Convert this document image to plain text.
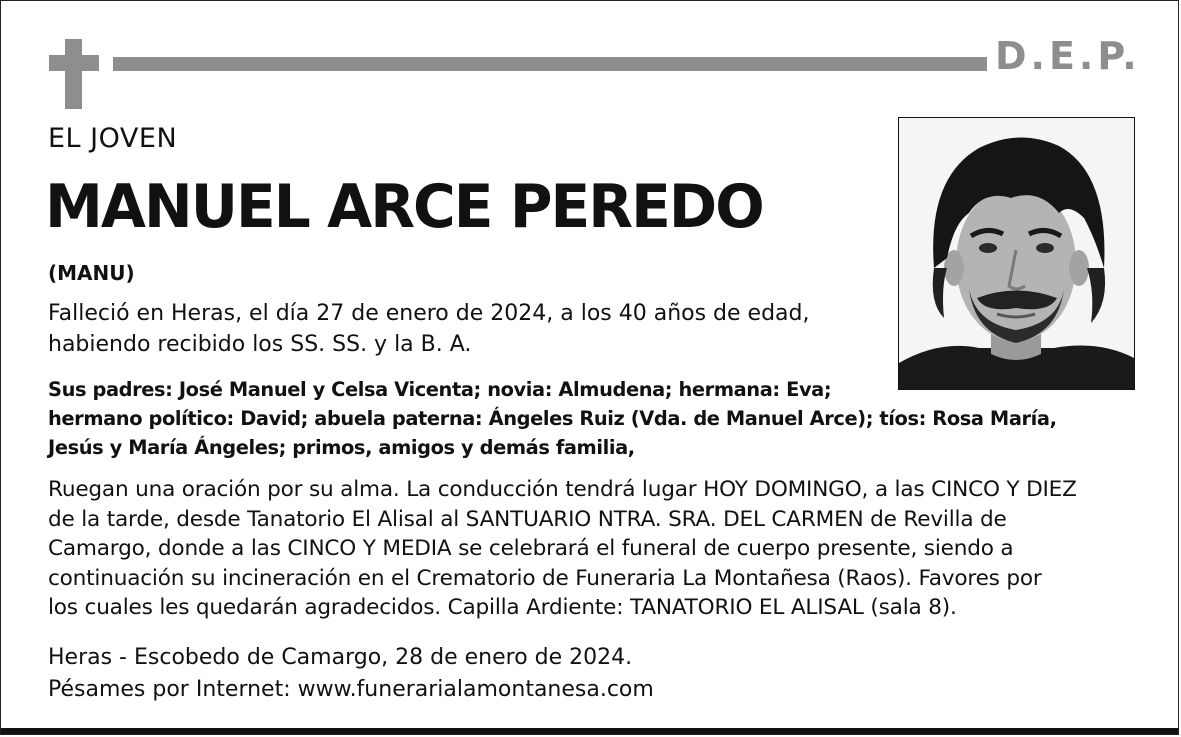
D.E.P.
EL JOVEN
MANUEL ARCE PEREDO
(MANU)

Falleció en Heras, el día 27 de enero de 2024, a los 40 años de edad,
habiendo recibido los SS. SS. y la B. A.

Sus padres: José Manuel y Celsa Vicenta; novia: Almudena; hermana: Eva;
hermano político: David; abuela paterna: Ángeles Ruiz (Vda. de Manuel Arce); tíos: Rosa María,
Jesús y María Ángeles; primos, amigos y demás familia,

Ruegan una oración por su alma. La conducción tendrá lugar HOY DOMINGO, a las CINCO Y DIEZ
de la tarde, desde Tanatorio El Alisal al SANTUARIO NTRA. SRA. DEL CARMEN de Revilla de
Camargo, donde a las CINCO Y MEDIA se celebrará el funeral de cuerpo presente, siendo a
continuación su incineración en el Crematorio de Funeraria La Montañesa (Raos). Favores por
los cuales les quedarán agradecidos. Capilla Ardiente: TANATORIO EL ALISAL (sala 8).

Heras - Escobedo de Camargo, 28 de enero de 2024.
Pésames por Internet: www.funerarialamontanesa.com
